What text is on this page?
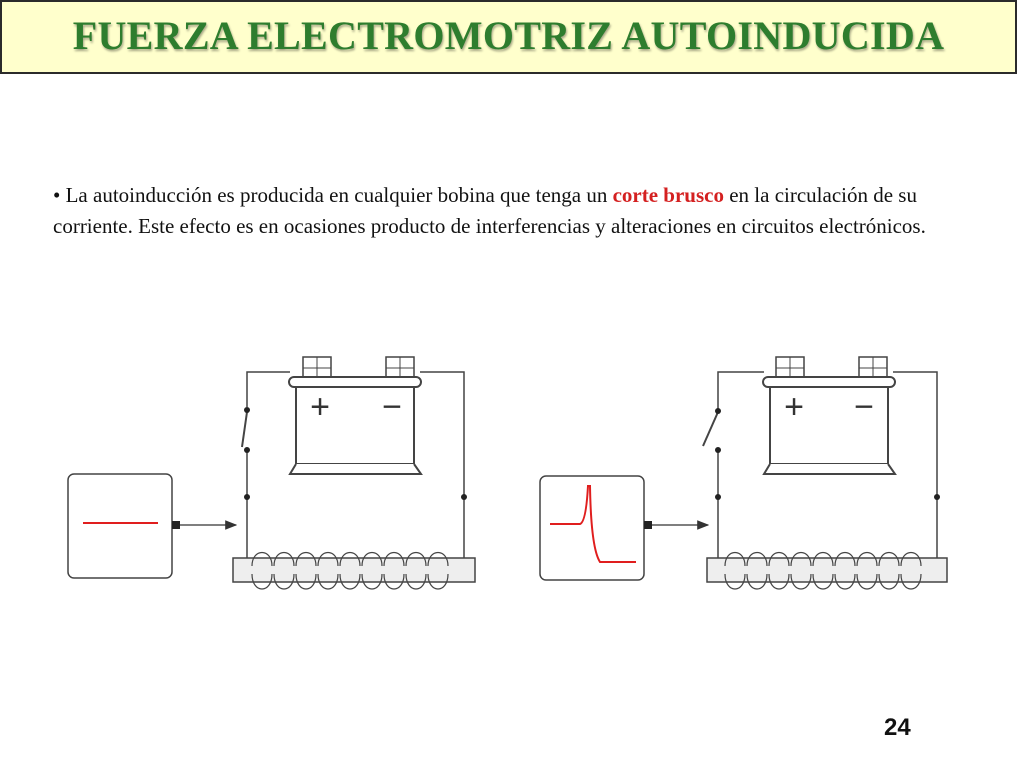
FUERZA ELECTROMOTRIZ AUTOINDUCIDA
• La autoinducción es producida en cualquier bobina que tenga un corte brusco en la circulación de su corriente. Este efecto es en ocasiones producto de interferencias y alteraciones en circuitos electrónicos.
+ −	+ −
24
